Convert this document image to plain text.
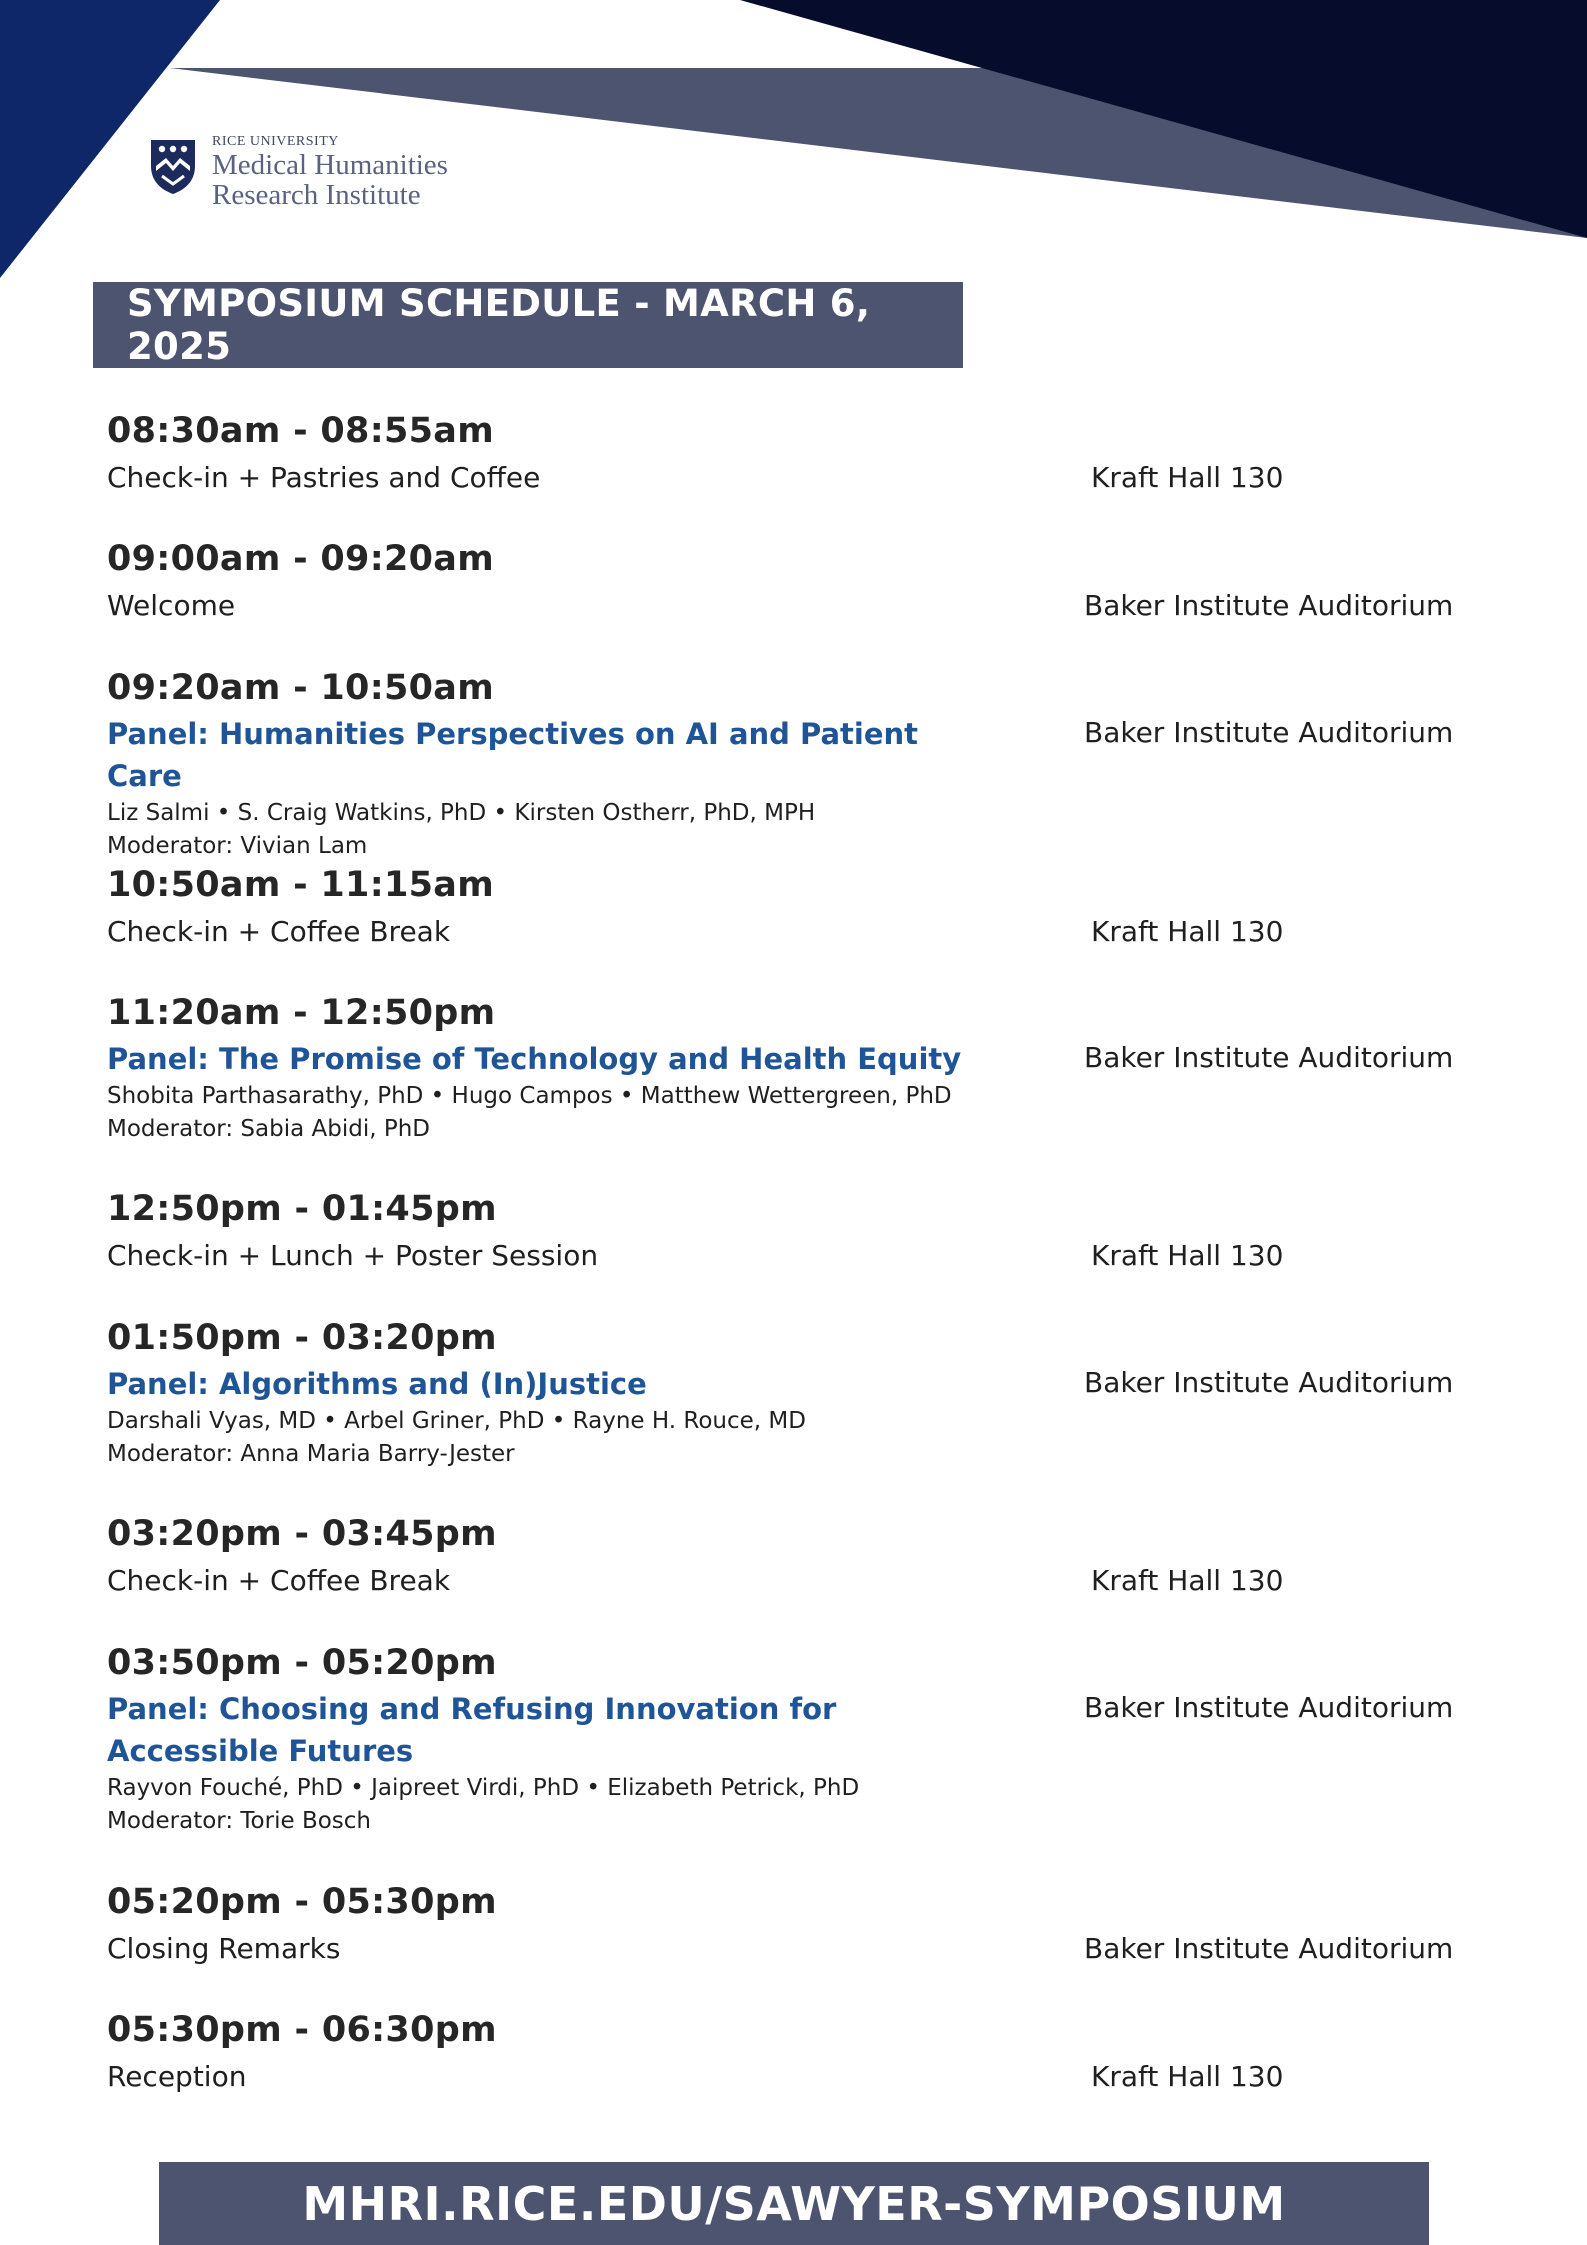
RICE UNIVERSITY
Medical Humanities
Research Institute
SYMPOSIUM SCHEDULE - MARCH 6, 2025
08:30am - 08:55am
Check-in + Pastries and Coffee	Kraft Hall 130
09:00am - 09:20am
Welcome	Baker Institute Auditorium
09:20am - 10:50am
Panel: Humanities Perspectives on AI and Patient Care
Baker Institute Auditorium
Liz Salmi • S. Craig Watkins, PhD • Kirsten Ostherr, PhD, MPH
Moderator: Vivian Lam
10:50am - 11:15am
Check-in + Coffee Break	Kraft Hall 130
11:20am - 12:50pm
Panel: The Promise of Technology and Health Equity	Baker Institute Auditorium
Shobita Parthasarathy, PhD • Hugo Campos • Matthew Wettergreen, PhD
Moderator: Sabia Abidi, PhD
12:50pm - 01:45pm
Check-in + Lunch + Poster Session	Kraft Hall 130
01:50pm - 03:20pm
Panel: Algorithms and (In)Justice	Baker Institute Auditorium
Darshali Vyas, MD • Arbel Griner, PhD • Rayne H. Rouce, MD
Moderator: Anna Maria Barry-Jester
03:20pm - 03:45pm
Check-in + Coffee Break	Kraft Hall 130
03:50pm - 05:20pm
Panel: Choosing and Refusing Innovation for Accessible Futures
Baker Institute Auditorium
Rayvon Fouché, PhD • Jaipreet Virdi, PhD • Elizabeth Petrick, PhD
Moderator: Torie Bosch
05:20pm - 05:30pm
Closing Remarks	Baker Institute Auditorium
05:30pm - 06:30pm
Reception	Kraft Hall 130
MHRI.RICE.EDU/SAWYER-SYMPOSIUM
